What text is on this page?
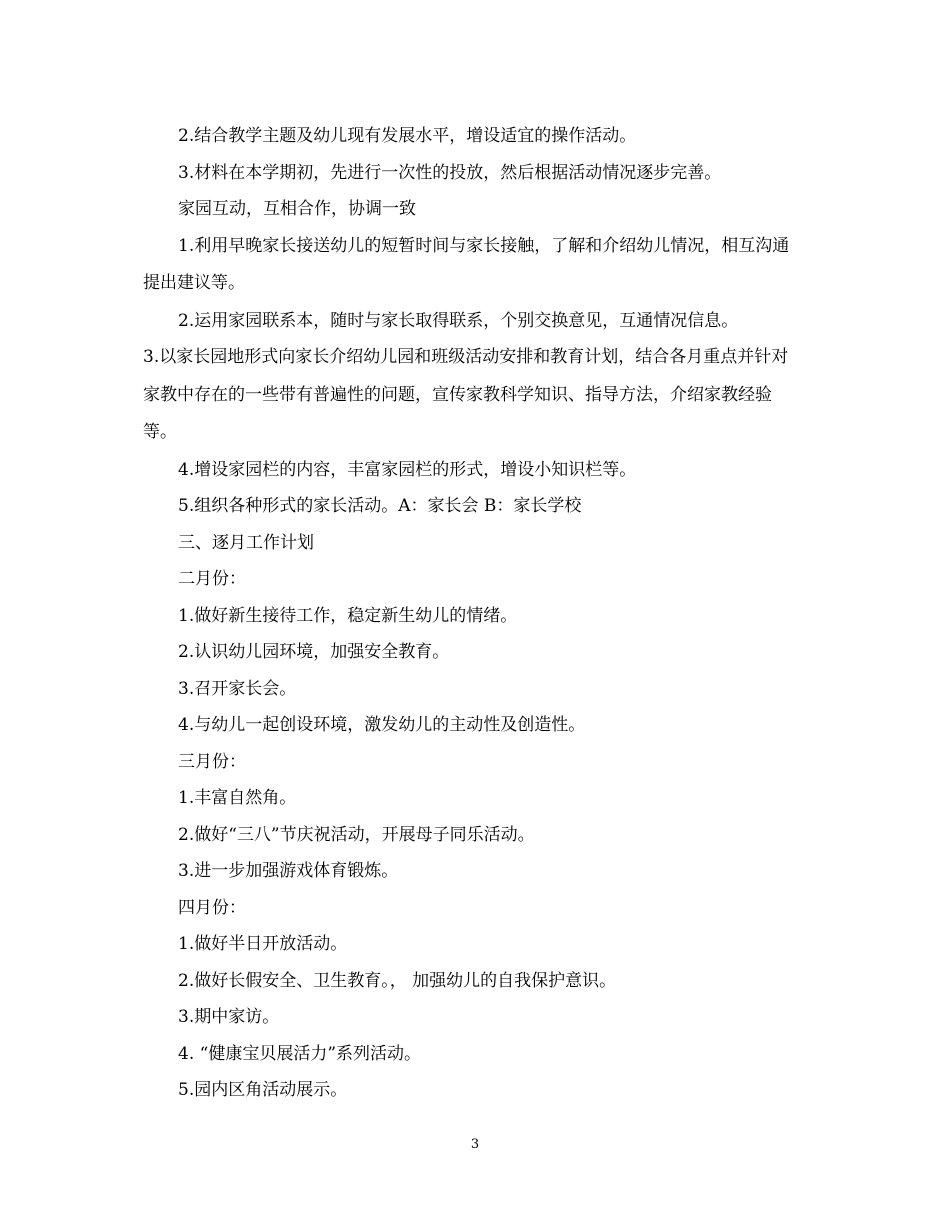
2.结合教学主题及幼儿现有发展水平，增设适宜的操作活动。

3.材料在本学期初，先进行一次性的投放，然后根据活动情况逐步完善。

家园互动，互相合作，协调一致

1.利用早晚家长接送幼儿的短暂时间与家长接触，了解和介绍幼儿情况，相互沟通提出建议等。

2.运用家园联系本，随时与家长取得联系，个别交换意见，互通情况信息。

3.以家长园地形式向家长介绍幼儿园和班级活动安排和教育计划，结合各月重点并针对家教中存在的一些带有普遍性的问题，宣传家教科学知识、指导方法，介绍家教经验等。

4.增设家园栏的内容，丰富家园栏的形式，增设小知识栏等。

5.组织各种形式的家长活动。A：家长会 B：家长学校

三、逐月工作计划

二月份：

1.做好新生接待工作，稳定新生幼儿的情绪。

2.认识幼儿园环境，加强安全教育。

3.召开家长会。

4.与幼儿一起创设环境，激发幼儿的主动性及创造性。

三月份：

1.丰富自然角。

2.做好“三八”节庆祝活动，开展母子同乐活动。

3.进一步加强游戏体育锻炼。

四月份：

1.做好半日开放活动。

2.做好长假安全、卫生教育。， 加强幼儿的自我保护意识。

3.期中家访。

4. “健康宝贝展活力”系列活动。

5.园内区角活动展示。

3
